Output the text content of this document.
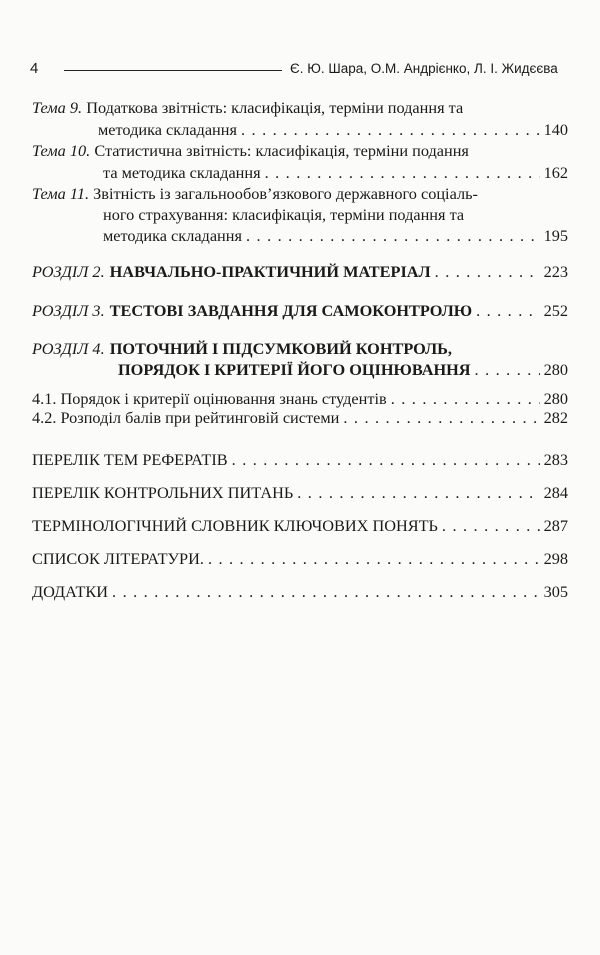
4	Є. Ю. Шара, О.М. Андрієнко, Л. І. Жидєєва
Тема 9. Податкова звітність: класифікація, терміни подання та
методика складання . . .	140
Тема 10. Статистична звітність: класифікація, терміни подання
та методика складання . . .	162
Тема 11. Звітність із загальнообов’язкового державного соціаль-
ного страхування: класифікація, терміни подання та
методика складання . . .	195
РОЗДІЛ 2. НАВЧАЛЬНО-ПРАКТИЧНИЙ МАТЕРІАЛ . . .	223
РОЗДІЛ 3. ТЕСТОВІ ЗАВДАННЯ ДЛЯ САМОКОНТРОЛЮ . . .	252
РОЗДІЛ 4. ПОТОЧНИЙ І ПІДСУМКОВИЙ КОНТРОЛЬ,
ПОРЯДОК І КРИТЕРІЇ ЙОГО ОЦІНЮВАННЯ . . .	280
4.1. Порядок і критерії оцінювання знань студентів . . .	280
4.2. Розподіл балів при рейтинговій системи . . .	282
ПЕРЕЛІК ТЕМ РЕФЕРАТІВ . . .	283
ПЕРЕЛІК КОНТРОЛЬНИХ ПИТАНЬ . . .	284
ТЕРМІНОЛОГІЧНИЙ СЛОВНИК КЛЮЧОВИХ ПОНЯТЬ . . .	287
СПИСОК ЛІТЕРАТУРИ. . . .	298
ДОДАТКИ . . .	305
